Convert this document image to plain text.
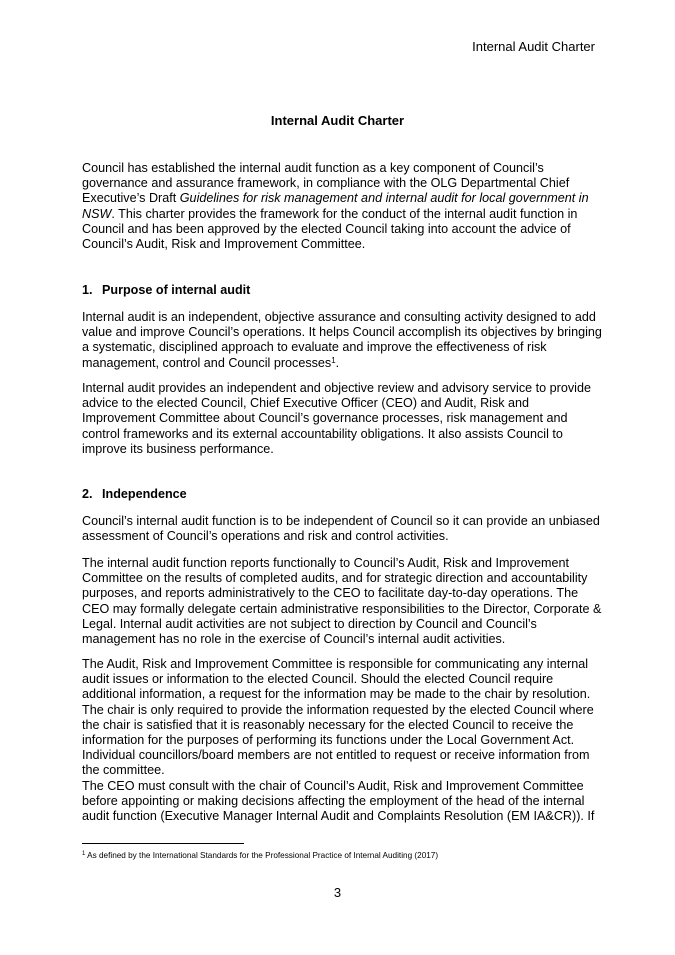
Internal Audit Charter
Internal Audit Charter

Council has established the internal audit function as a key component of Council’s governance and assurance framework, in compliance with the OLG Departmental Chief Executive’s Draft Guidelines for risk management and internal audit for local government in NSW. This charter provides the framework for the conduct of the internal audit function in Council and has been approved by the elected Council taking into account the advice of Council’s Audit, Risk and Improvement Committee.

1. Purpose of internal audit

Internal audit is an independent, objective assurance and consulting activity designed to add value and improve Council’s operations. It helps Council accomplish its objectives by bringing a systematic, disciplined approach to evaluate and improve the effectiveness of risk management, control and Council processes$^1$.

Internal audit provides an independent and objective review and advisory service to provide advice to the elected Council, Chief Executive Officer (CEO) and Audit, Risk and Improvement Committee about Council’s governance processes, risk management and control frameworks and its external accountability obligations. It also assists Council to improve its business performance.

2. Independence

Council’s internal audit function is to be independent of Council so it can provide an unbiased assessment of Council’s operations and risk and control activities.

The internal audit function reports functionally to Council’s Audit, Risk and Improvement Committee on the results of completed audits, and for strategic direction and accountability purposes, and reports administratively to the CEO to facilitate day-to-day operations. The CEO may formally delegate certain administrative responsibilities to the Director, Corporate & Legal. Internal audit activities are not subject to direction by Council and Council’s management has no role in the exercise of Council’s internal audit activities.

The Audit, Risk and Improvement Committee is responsible for communicating any internal audit issues or information to the elected Council. Should the elected Council require additional information, a request for the information may be made to the chair by resolution. The chair is only required to provide the information requested by the elected Council where the chair is satisfied that it is reasonably necessary for the elected Council to receive the information for the purposes of performing its functions under the Local Government Act. Individual councillors/board members are not entitled to request or receive information from the committee.

The CEO must consult with the chair of Council’s Audit, Risk and Improvement Committee before appointing or making decisions affecting the employment of the head of the internal audit function (Executive Manager Internal Audit and Complaints Resolution (EM IA&CR)). If

$^1$ As defined by the International Standards for the Professional Practice of Internal Auditing (2017)
3
